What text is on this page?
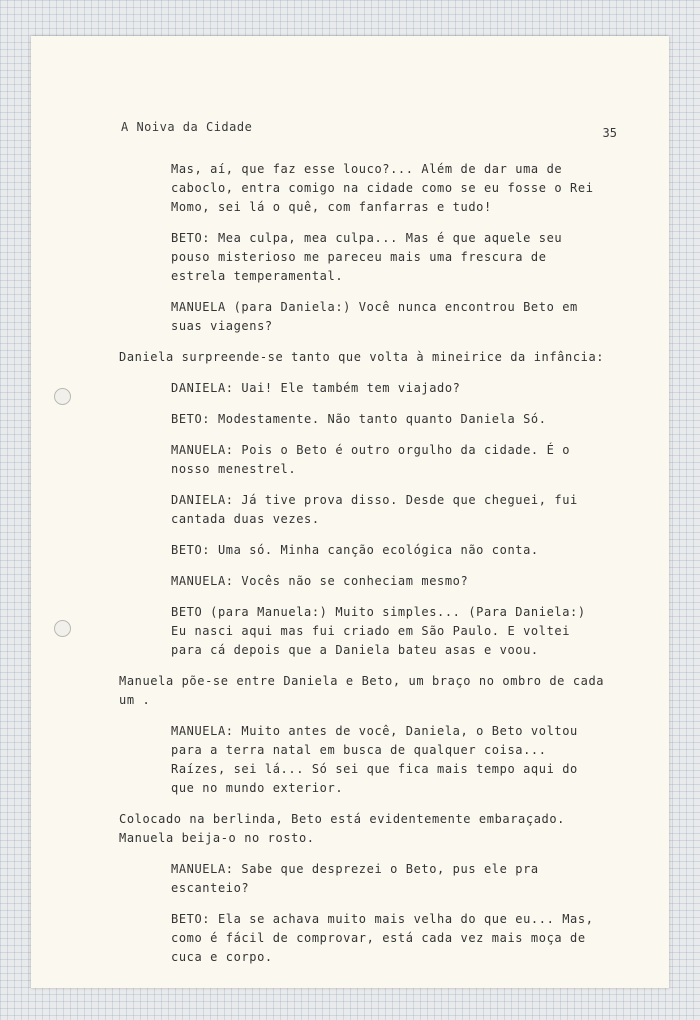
A Noiva da Cidade	35

Mas, aí, que faz esse louco?... Além de dar uma de caboclo, entra comigo na cidade como se eu fosse o Rei Momo, sei lá o quê, com fanfarras e tudo!

BETO: Mea culpa, mea culpa... Mas é que aquele seu pouso misterioso me pareceu mais uma frescura de estrela temperamental.

MANUELA (para Daniela:) Você nunca encontrou Beto em suas viagens?

Daniela surpreende-se tanto que volta à mineirice da infância:

DANIELA: Uai! Ele também tem viajado?

BETO: Modestamente. Não tanto quanto Daniela Só.

MANUELA: Pois o Beto é outro orgulho da cidade. É o nosso menestrel.

DANIELA: Já tive prova disso. Desde que cheguei, fui cantada duas vezes.

BETO: Uma só. Minha canção ecológica não conta.

MANUELA: Vocês não se conheciam mesmo?

BETO (para Manuela:) Muito simples... (Para Daniela:) Eu nasci aqui mas fui criado em São Paulo. E voltei para cá depois que a Daniela bateu asas e voou.

Manuela põe-se entre Daniela e Beto, um braço no ombro de cada um .

MANUELA: Muito antes de você, Daniela, o Beto voltou para a terra natal em busca de qualquer coisa... Raízes, sei lá... Só sei que fica mais tempo aqui do que no mundo exterior.

Colocado na berlinda, Beto está evidentemente embaraçado. Manuela beija-o no rosto.

MANUELA: Sabe que desprezei o Beto, pus ele pra escanteio?

BETO: Ela se achava muito mais velha do que eu... Mas, como é fácil de comprovar, está cada vez mais moça de cuca e corpo.
